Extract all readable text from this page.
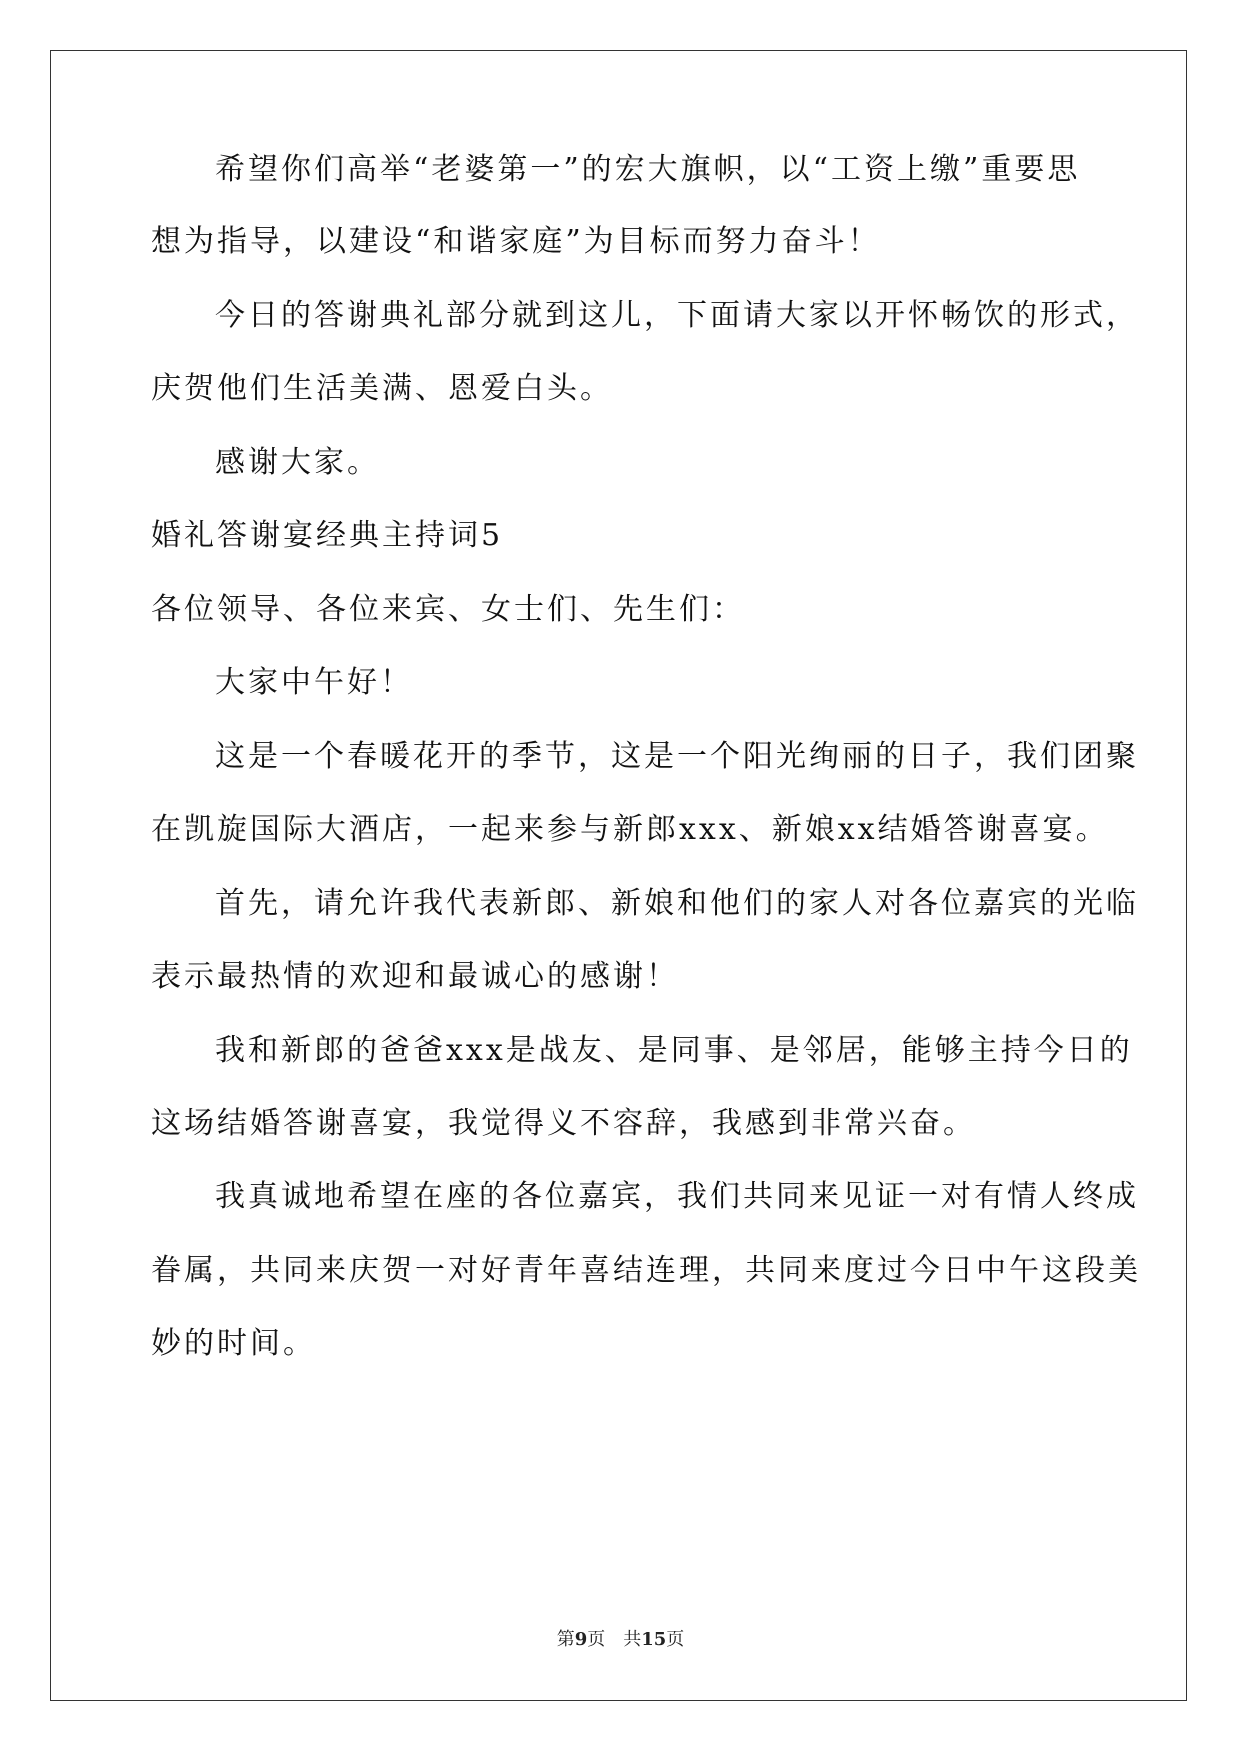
希望你们高举“老婆第一”的宏大旗帜，以“工资上缴”重要思
想为指导，以建设“和谐家庭”为目标而努力奋斗！
今日的答谢典礼部分就到这儿，下面请大家以开怀畅饮的形式，
庆贺他们生活美满、恩爱白头。
感谢大家。
婚礼答谢宴经典主持词5
各位领导、各位来宾、女士们、先生们：
大家中午好！
这是一个春暖花开的季节，这是一个阳光绚丽的日子，我们团聚
在凯旋国际大酒店，一起来参与新郎xxx、新娘xx结婚答谢喜宴。
首先，请允许我代表新郎、新娘和他们的家人对各位嘉宾的光临
表示最热情的欢迎和最诚心的感谢！
我和新郎的爸爸xxx是战友、是同事、是邻居，能够主持今日的
这场结婚答谢喜宴，我觉得义不容辞，我感到非常兴奋。
我真诚地希望在座的各位嘉宾，我们共同来见证一对有情人终成
眷属，共同来庆贺一对好青年喜结连理，共同来度过今日中午这段美
妙的时间。
第9页 共15页
